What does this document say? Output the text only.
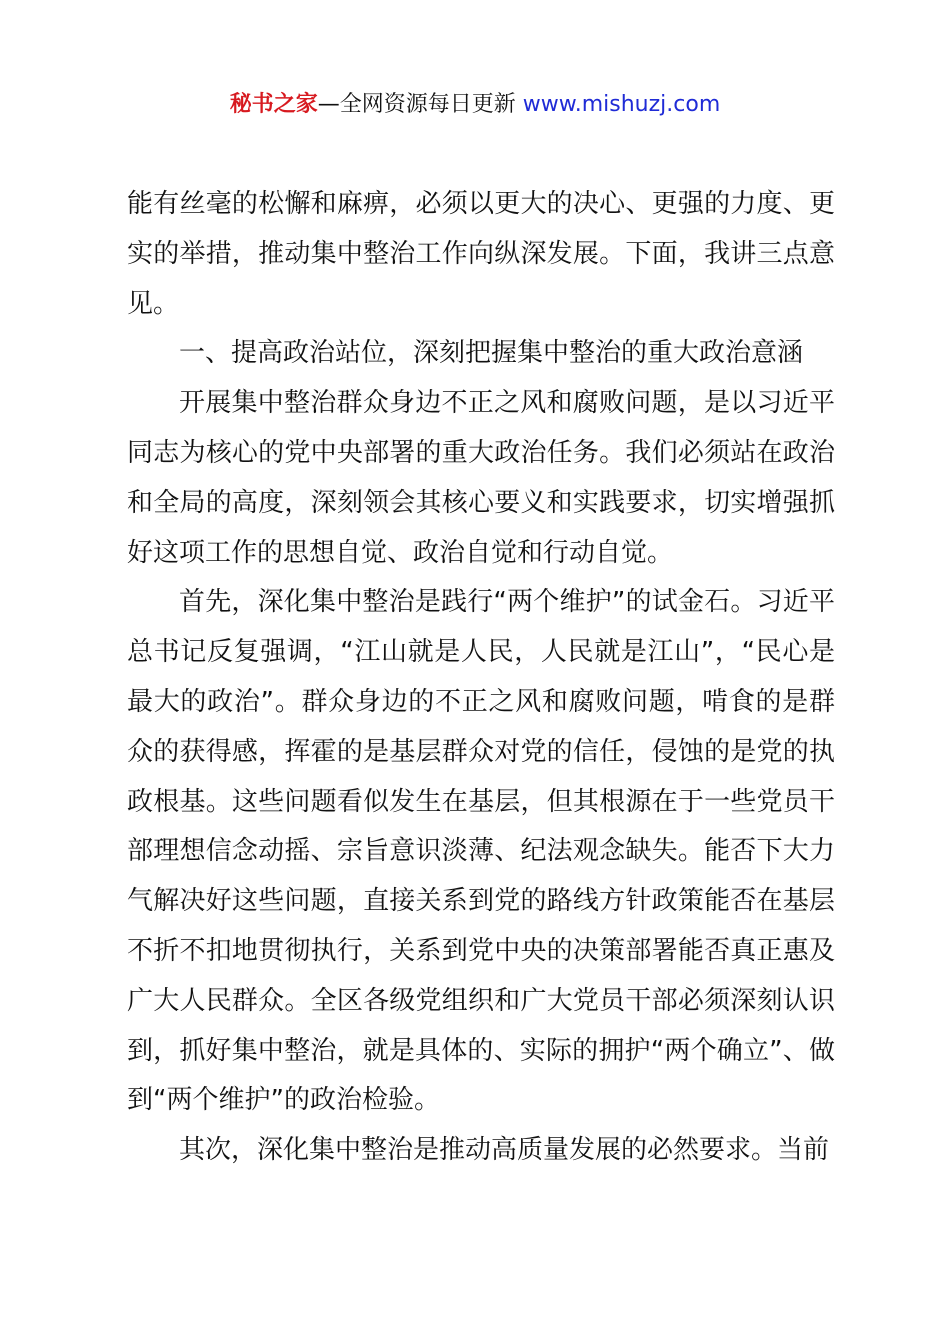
秘书之家—全网资源每日更新 www.mishuzj.com

能有丝毫的松懈和麻痹，必须以更大的决心、更强的力度、更实的举措，推动集中整治工作向纵深发展。下面，我讲三点意见。

一、提高政治站位，深刻把握集中整治的重大政治意涵

开展集中整治群众身边不正之风和腐败问题，是以习近平同志为核心的党中央部署的重大政治任务。我们必须站在政治和全局的高度，深刻领会其核心要义和实践要求，切实增强抓好这项工作的思想自觉、政治自觉和行动自觉。

首先，深化集中整治是践行“两个维护”的试金石。习近平总书记反复强调，“江山就是人民，人民就是江山”，“民心是最大的政治”。群众身边的不正之风和腐败问题，啃食的是群众的获得感，挥霍的是基层群众对党的信任，侵蚀的是党的执政根基。这些问题看似发生在基层，但其根源在于一些党员干部理想信念动摇、宗旨意识淡薄、纪法观念缺失。能否下大力气解决好这些问题，直接关系到党的路线方针政策能否在基层不折不扣地贯彻执行，关系到党中央的决策部署能否真正惠及广大人民群众。全区各级党组织和广大党员干部必须深刻认识到，抓好集中整治，就是具体的、实际的拥护“两个确立”、做到“两个维护”的政治检验。

其次，深化集中整治是推动高质量发展的必然要求。当前
